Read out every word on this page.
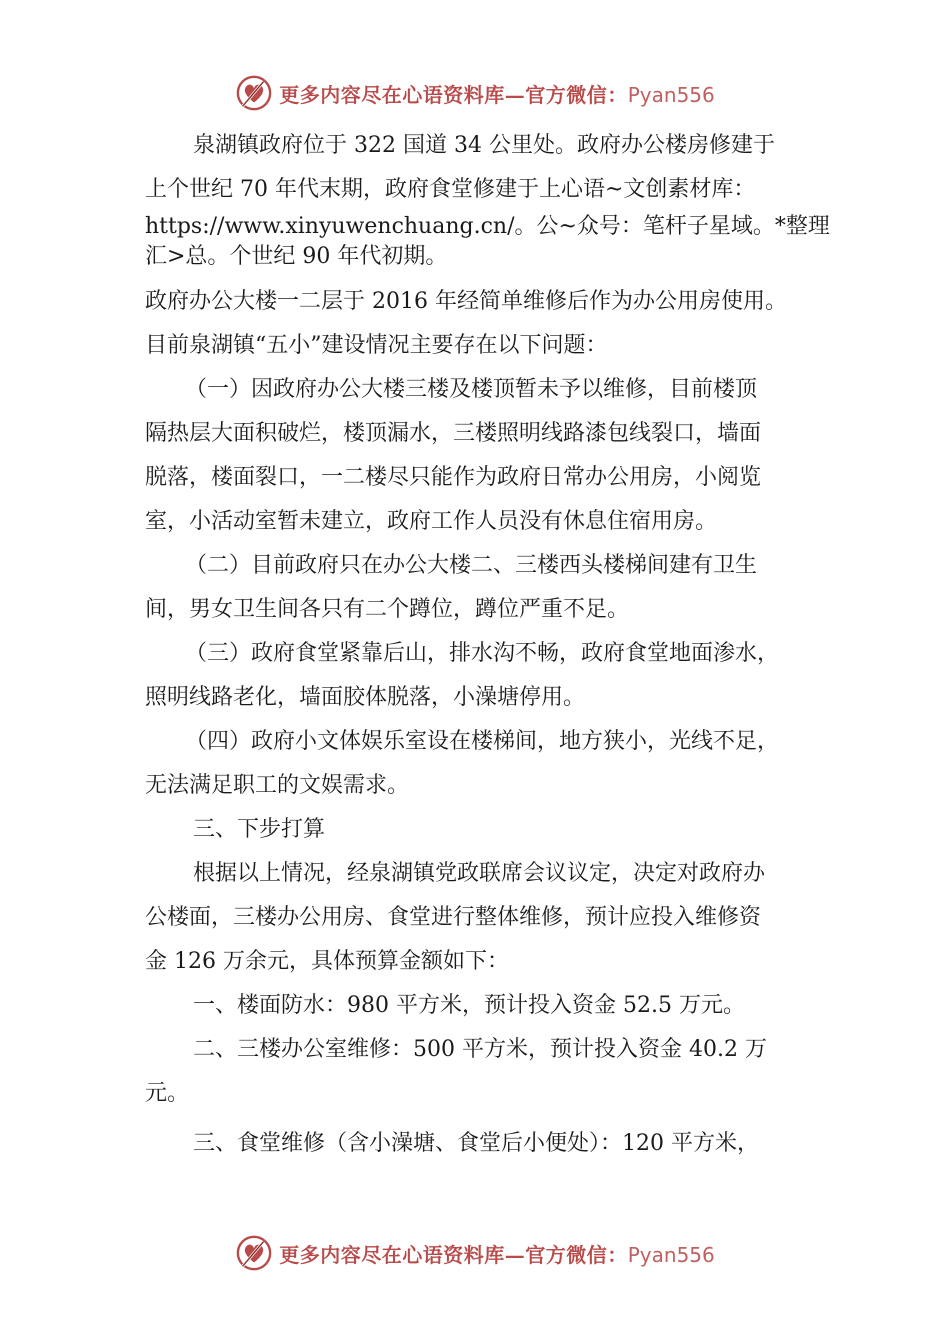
更多内容尽在心语资料库—官方微信：Pyan556

泉湖镇政府位于 322 国道 34 公里处。政府办公楼房修建于

上个世纪 70 年代末期，政府食堂修建于上心语~文创素材库：

https://www.xinyuwenchuang.cn/。公~众号：笔杆子星域。*整理

汇>总。个世纪 90 年代初期。

政府办公大楼一二层于 2016 年经简单维修后作为办公用房使用。

目前泉湖镇“五小”建设情况主要存在以下问题：

（一）因政府办公大楼三楼及楼顶暂未予以维修，目前楼顶

隔热层大面积破烂，楼顶漏水，三楼照明线路漆包线裂口，墙面

脱落，楼面裂口，一二楼尽只能作为政府日常办公用房，小阅览

室，小活动室暂未建立，政府工作人员没有休息住宿用房。

（二）目前政府只在办公大楼二、三楼西头楼梯间建有卫生

间，男女卫生间各只有二个蹲位，蹲位严重不足。

（三）政府食堂紧靠后山，排水沟不畅，政府食堂地面渗水，

照明线路老化，墙面胶体脱落，小澡塘停用。

（四）政府小文体娱乐室设在楼梯间，地方狭小，光线不足，

无法满足职工的文娱需求。

三、下步打算

根据以上情况，经泉湖镇党政联席会议议定，决定对政府办

公楼面，三楼办公用房、食堂进行整体维修，预计应投入维修资

金 126 万余元，具体预算金额如下：

一、楼面防水：980 平方米，预计投入资金 52.5 万元。

二、三楼办公室维修：500 平方米，预计投入资金 40.2 万

元。

三、食堂维修（含小澡塘、食堂后小便处）：120 平方米，

更多内容尽在心语资料库—官方微信：Pyan556
